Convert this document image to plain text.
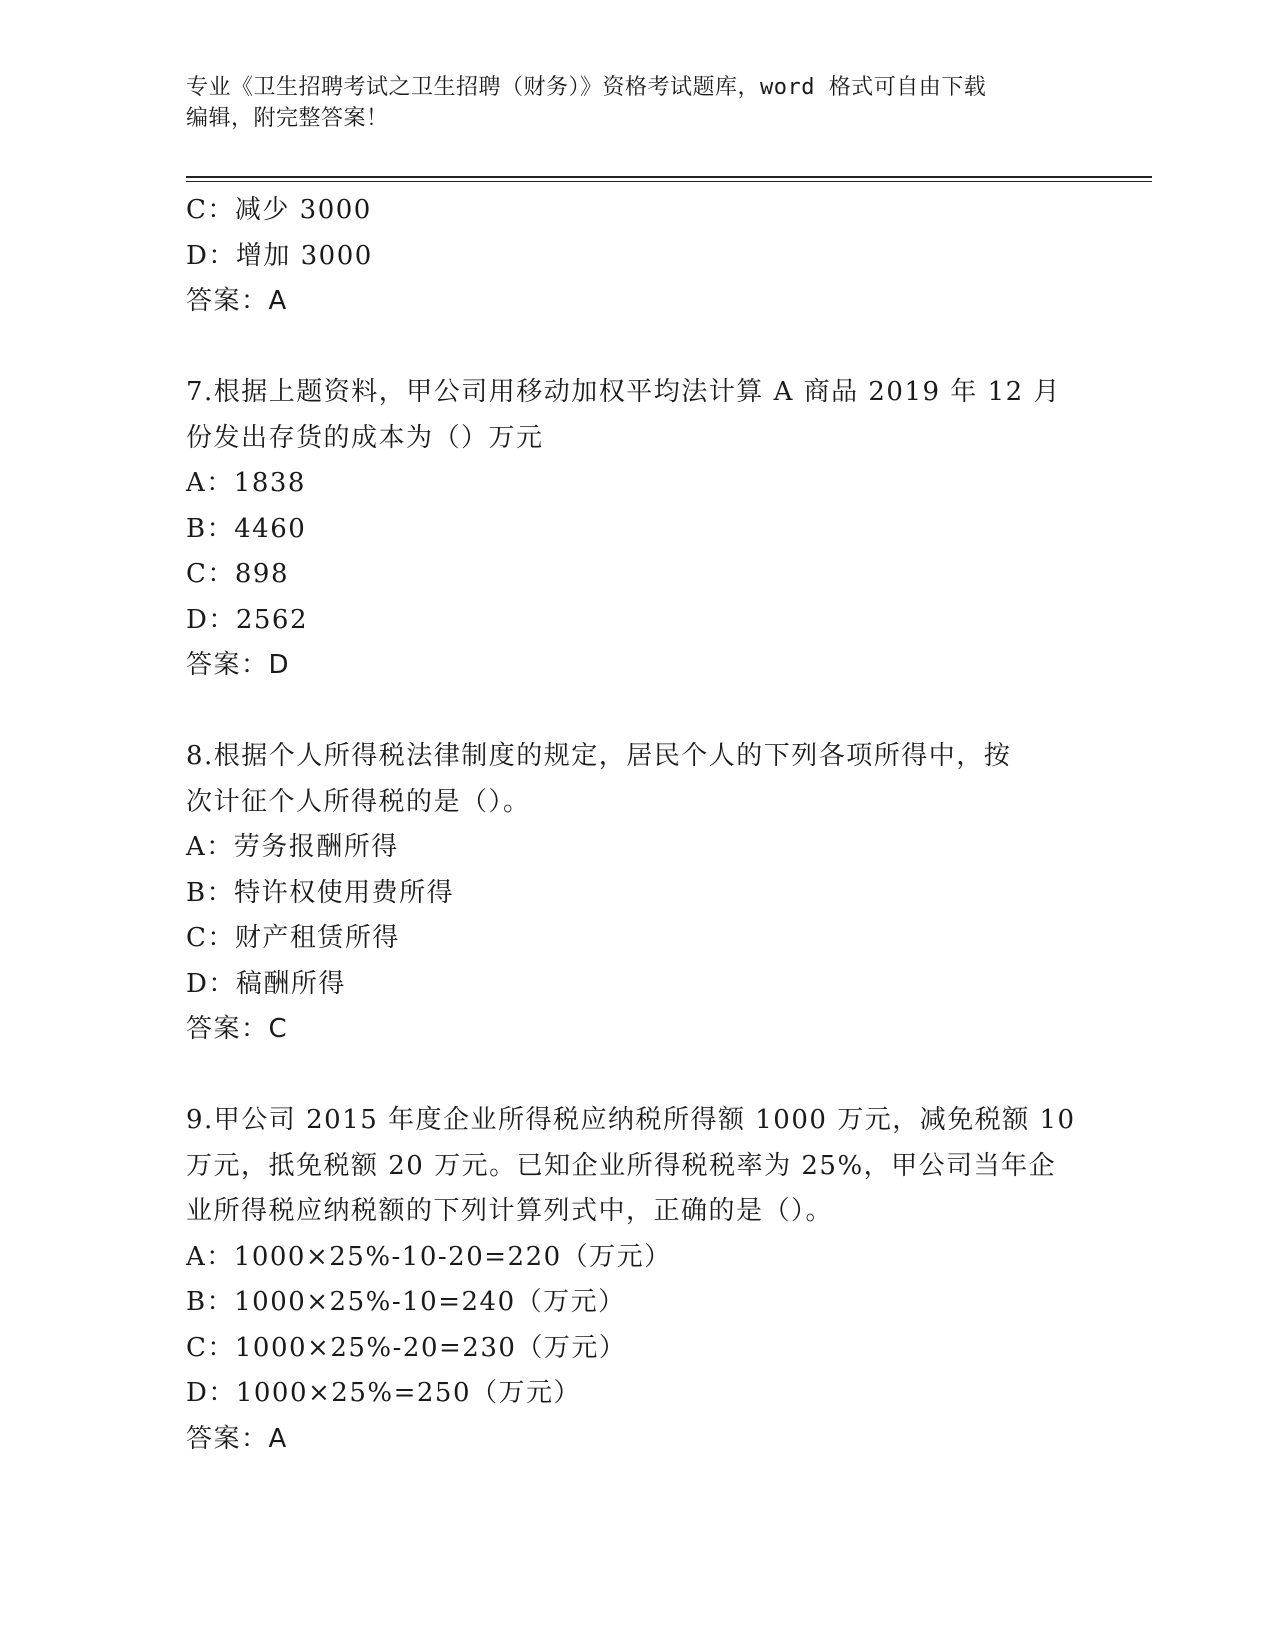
专业《卫生招聘考试之卫生招聘（财务）》资格考试题库，word 格式可自由下载
编辑，附完整答案！
C：减少 3000
D：增加 3000
答案：A
7.根据上题资料，甲公司用移动加权平均法计算 A 商品 2019 年 12 月
份发出存货的成本为（）万元
A：1838
B：4460
C：898
D：2562
答案：D
8.根据个人所得税法律制度的规定，居民个人的下列各项所得中，按
次计征个人所得税的是（）。
A：劳务报酬所得
B：特许权使用费所得
C：财产租赁所得
D：稿酬所得
答案：C
9.甲公司 2015 年度企业所得税应纳税所得额 1000 万元，减免税额 10
万元，抵免税额 20 万元。已知企业所得税税率为 25%，甲公司当年企
业所得税应纳税额的下列计算列式中，正确的是（）。
A：1000×25%-10-20=220（万元）
B：1000×25%-10=240（万元）
C：1000×25%-20=230（万元）
D：1000×25%=250（万元）
答案：A
